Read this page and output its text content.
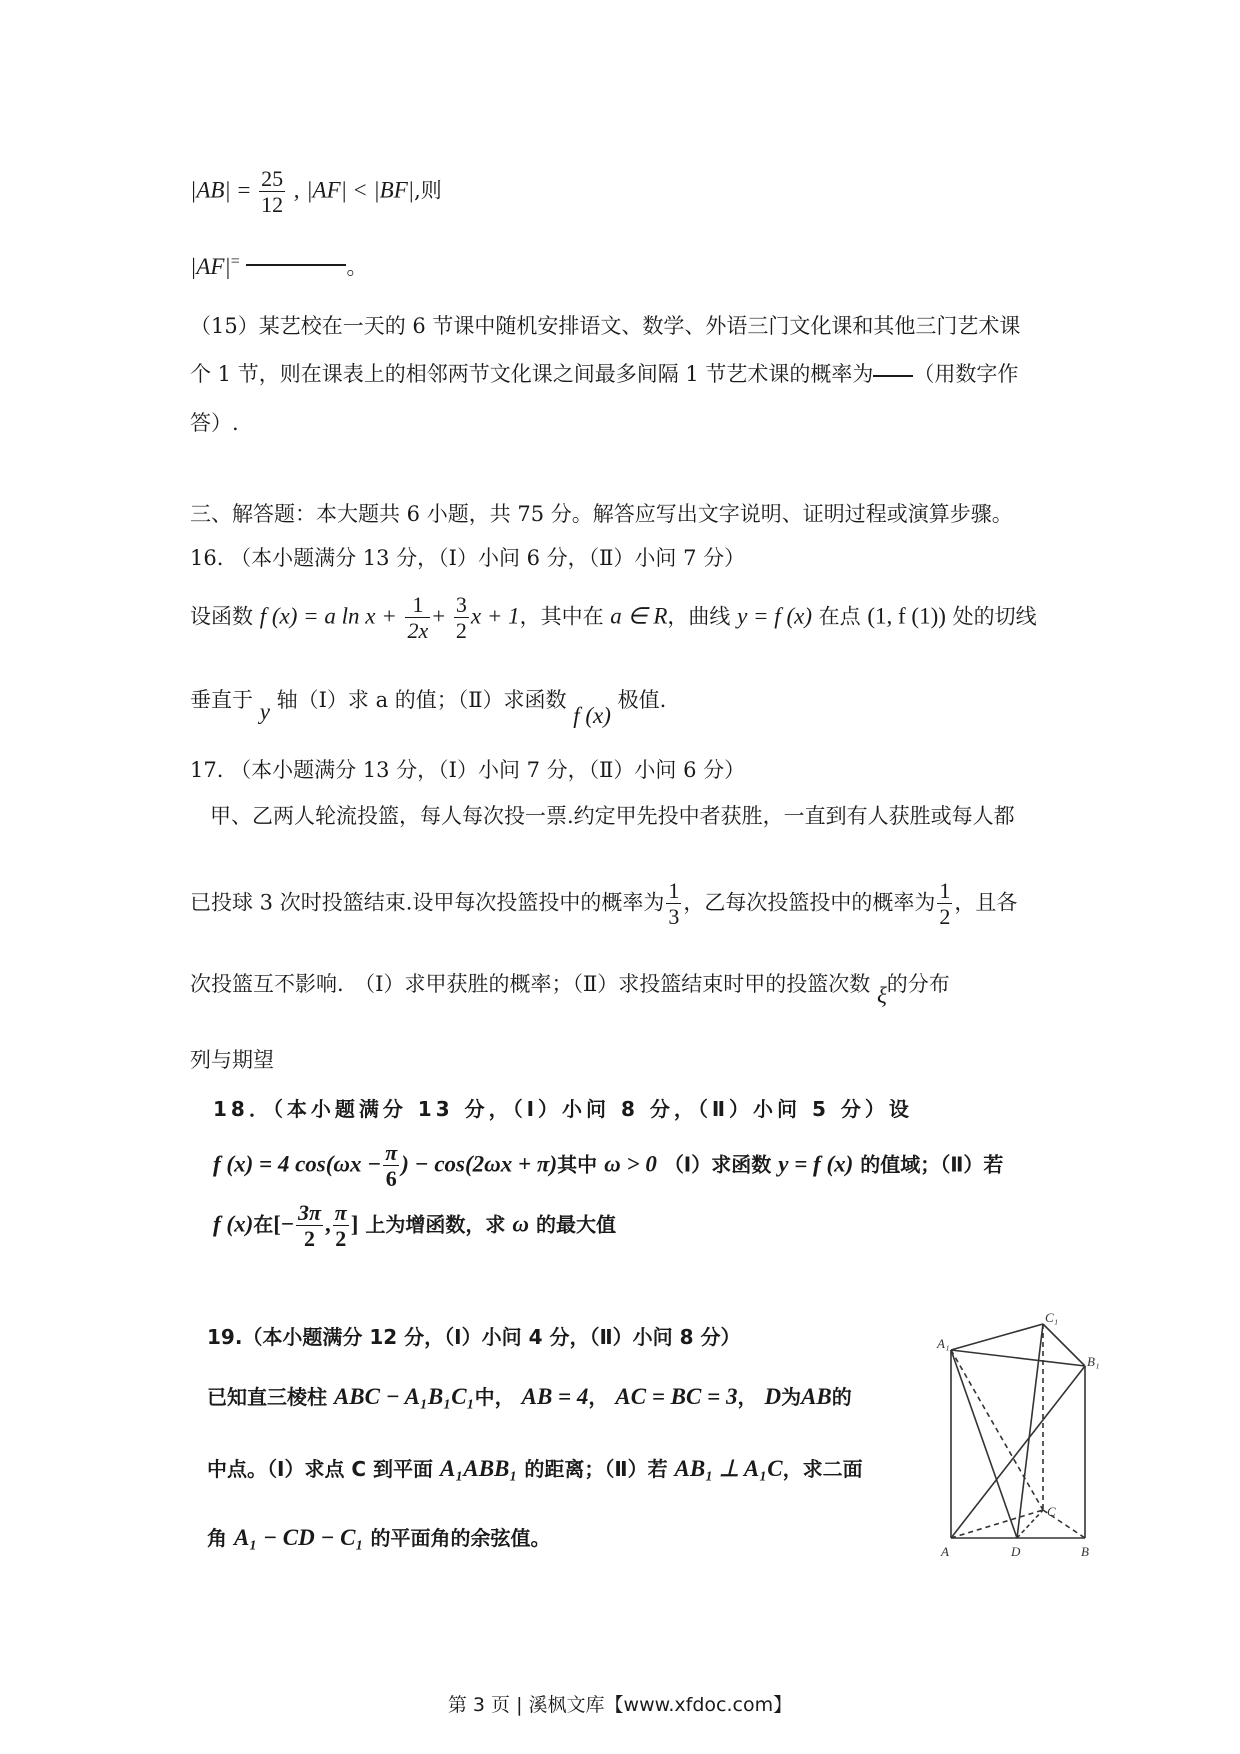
$|AB| = \frac{25}{12}$ , |AF| < |BF|,则
|AF|=	。
（15）某艺校在一天的 6 节课中随机安排语文、数学、外语三门文化课和其他三门艺术课
个 1 节，则在课表上的相邻两节文化课之间最多间隔 1 节艺术课的概率为 （用数字作
答）.
三、解答题：本大题共 6 小题，共 75 分。解答应写出文字说明、证明过程或演算步骤。
16. （本小题满分 13 分，（Ⅰ）小问 6 分，（Ⅱ）小问 7 分）
设函数 f (x) = a $\ln x + \frac{1}{2x} + \frac{3}{2}$ x + 1，其中在 a ∈ R，曲线 y = f (x) 在点 (1, f (1)) 处的切线
垂直于 y 轴（Ⅰ）求 a 的值；（Ⅱ）求函数 f (x) 极值.
17. （本小题满分 13 分，（Ⅰ）小问 7 分，（Ⅱ）小问 6 分）
甲、乙两人轮流投篮，每人每次投一票.约定甲先投中者获胜，一直到有人获胜或每人都
已投球 3 次时投篮结束.设甲每次投篮投中的概率为 $\frac{1}{3}$ ，乙每次投篮投中的概率为 $\frac{1}{2}$ ，且各
次投篮互不影响.　（Ⅰ）求甲获胜的概率；（Ⅱ）求投篮结束时甲的投篮次数 ξ的分布
列与期望
18．（本小题满分 13 分，（Ⅰ）小问 8 分，（Ⅱ）小问 5 分）设
f (x) = 4 $\cos(\omega x - \frac{\pi}{6}$ ) − cos(2ωx + π)其中 ω > 0 （Ⅰ）求函数 y = f (x) 的值域；（Ⅱ）若
f (x)在[− $\frac{3\pi}{2}$ , $\frac{\pi}{2}$ ] 上为增函数，求 ω 的最大值
19.（本小题满分 12 分，（Ⅰ）小问 4 分，（Ⅱ）小问 8 分）
已知直三棱柱 ABC − A₁B₁C₁中， AB = 4， AC = BC = 3， D为AB的
中点。（Ⅰ）求点 C 到平面 A₁ABB₁ 的距离；（Ⅱ）若 AB₁ ⊥ A₁C，求二面
角 A₁ − CD − C₁ 的平面角的余弦值。
C₁
A₁
B₁
A	D	B
C
第 3 页 | 溪枫文库【www.xfdoc.com】
